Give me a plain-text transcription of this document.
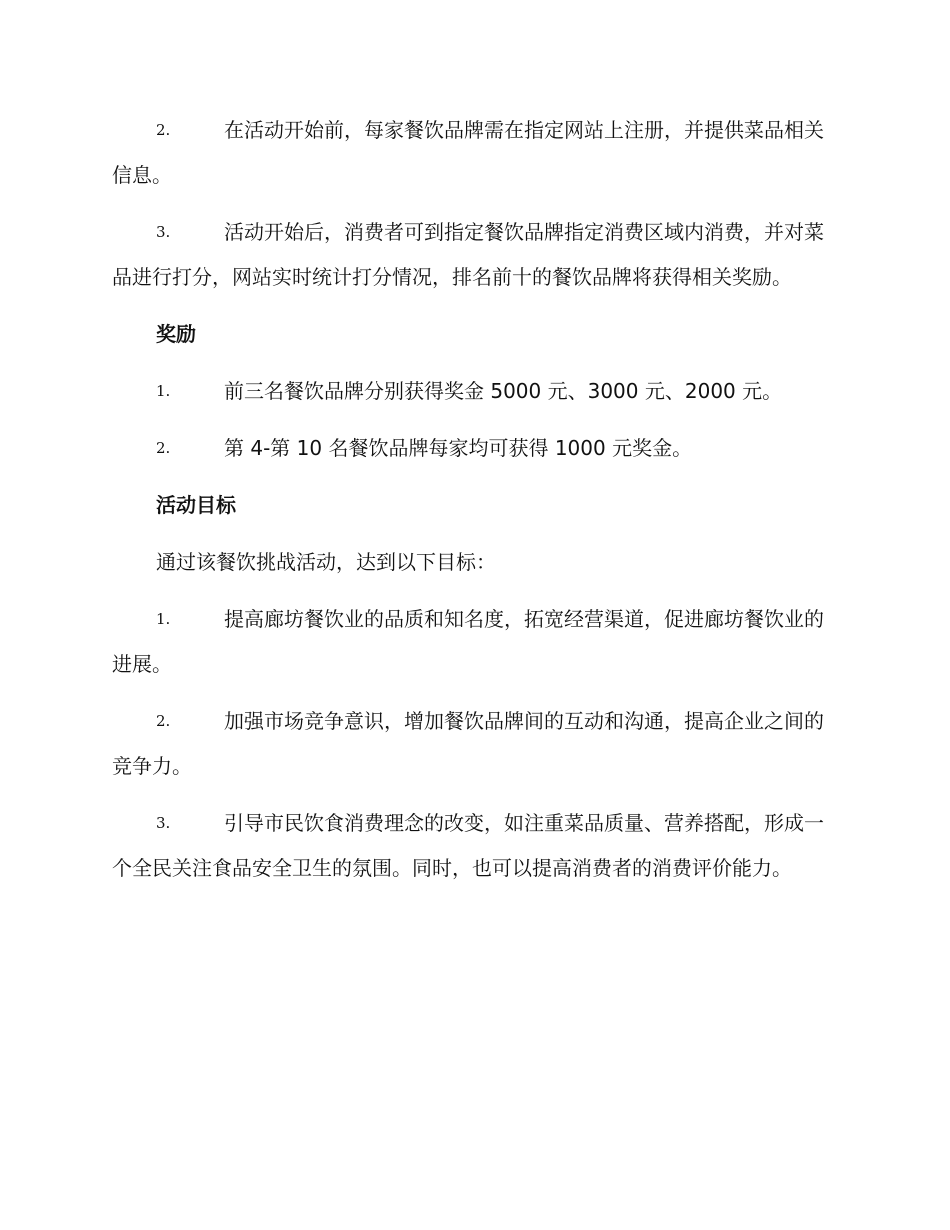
2.	在活动开始前，每家餐饮品牌需在指定网站上注册，并提供菜品相关信息。

3.	活动开始后，消费者可到指定餐饮品牌指定消费区域内消费，并对菜品进行打分，网站实时统计打分情况，排名前十的餐饮品牌将获得相关奖励。

奖励

1.	前三名餐饮品牌分别获得奖金 5000 元、3000 元、2000 元。

2.	第 4-第 10 名餐饮品牌每家均可获得 1000 元奖金。

活动目标

通过该餐饮挑战活动，达到以下目标：

1.	提高廊坊餐饮业的品质和知名度，拓宽经营渠道，促进廊坊餐饮业的进展。

2.	加强市场竞争意识，增加餐饮品牌间的互动和沟通，提高企业之间的竞争力。

3.	引导市民饮食消费理念的改变，如注重菜品质量、营养搭配，形成一个全民关注食品安全卫生的氛围。同时，也可以提高消费者的消费评价能力。
